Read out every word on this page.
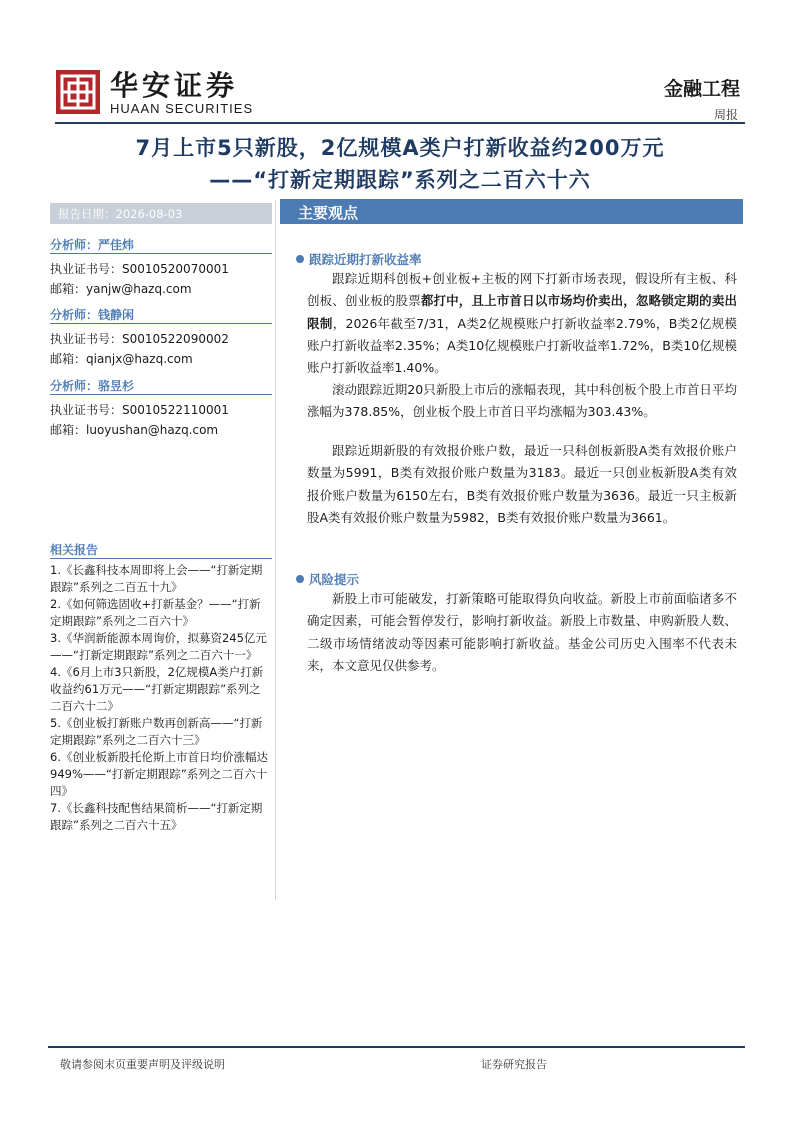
华安证券
HUAAN SECURITIES
金融工程
周报
7月上市5只新股，2亿规模A类户打新收益约200万元
——“打新定期跟踪”系列之二百六十六
报告日期：2026-08-03	主要观点
分析师：严佳炜
执业证书号：S0010520070001
邮箱：yanjw@hazq.com
分析师：钱静闲
执业证书号：S0010522090002
邮箱：qianjx@hazq.com
分析师：骆昱杉
执业证书号：S0010522110001
邮箱：luoyushan@hazq.com
相关报告
1.《长鑫科技本周即将上会——“打新定期跟踪”系列之二百五十九》
2.《如何筛选固收+打新基金？——“打新定期跟踪”系列之二百六十》
3.《华润新能源本周询价，拟募资245亿元——“打新定期跟踪”系列之二百六十一》
4.《6月上市3只新股，2亿规模A类户打新收益约61万元——“打新定期跟踪”系列之二百六十二》
5.《创业板打新账户数再创新高——“打新定期跟踪”系列之二百六十三》
6.《创业板新股托伦斯上市首日均价涨幅达949%——“打新定期跟踪”系列之二百六十四》
7.《长鑫科技配售结果简析——“打新定期跟踪”系列之二百六十五》
跟踪近期打新收益率

跟踪近期科创板+创业板+主板的网下打新市场表现，假设所有主板、科创板、创业板的股票都打中，且上市首日以市场均价卖出，忽略锁定期的卖出限制，2026年截至7/31，A类2亿规模账户打新收益率2.79%，B类2亿规模账户打新收益率2.35%；A类10亿规模账户打新收益率1.72%，B类10亿规模账户打新收益率1.40%。

滚动跟踪近期20只新股上市后的涨幅表现，其中科创板个股上市首日平均涨幅为378.85%，创业板个股上市首日平均涨幅为303.43%。

跟踪近期新股的有效报价账户数，最近一只科创板新股A类有效报价账户数量为5991，B类有效报价账户数量为3183。最近一只创业板新股A类有效报价账户数量为6150左右，B类有效报价账户数量为3636。最近一只主板新股A类有效报价账户数量为5982，B类有效报价账户数量为3661。

风险提示

新股上市可能破发，打新策略可能取得负向收益。新股上市前面临诸多不确定因素，可能会暂停发行，影响打新收益。新股上市数量、申购新股人数、二级市场情绪波动等因素可能影响打新收益。基金公司历史入围率不代表未来，本文意见仅供参考。

敬请参阅末页重要声明及评级说明	证券研究报告
